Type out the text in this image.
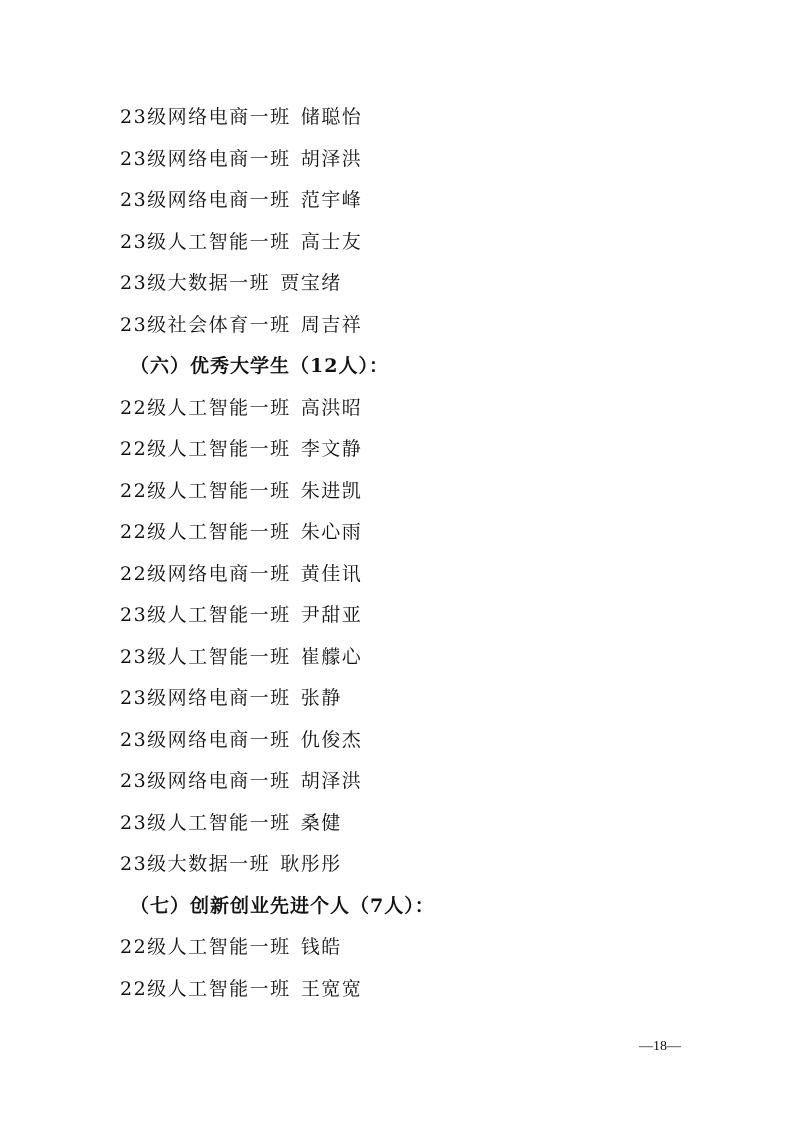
23级网络电商一班 储聪怡
23级网络电商一班 胡泽洪
23级网络电商一班 范宇峰
23级人工智能一班 高士友
23级大数据一班 贾宝绪
23级社会体育一班 周吉祥
（六）优秀大学生（12人）：
22级人工智能一班 高洪昭
22级人工智能一班 李文静
22级人工智能一班 朱进凯
22级人工智能一班 朱心雨
22级网络电商一班 黄佳讯
23级人工智能一班 尹甜亚
23级人工智能一班 崔艨心
23级网络电商一班 张静
23级网络电商一班 仇俊杰
23级网络电商一班 胡泽洪
23级人工智能一班 桑健
23级大数据一班 耿彤彤
（七）创新创业先进个人（7人）：
22级人工智能一班 钱皓
22级人工智能一班 王宽宽
—18—
